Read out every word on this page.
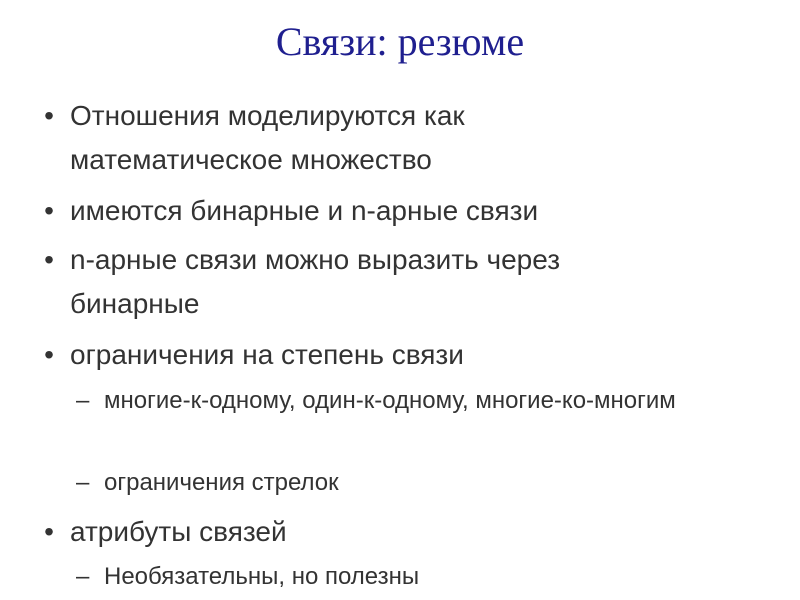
Связи: резюме
• Отношения моделируются как математическое множество
• имеются бинарные и n-арные связи
• n-арные связи можно выразить через бинарные
• ограничения на степень связи
– многие-к-одному, один-к-одному, многие-ко-многим
– ограничения стрелок
• атрибуты связей
– Необязательны, но полезны
